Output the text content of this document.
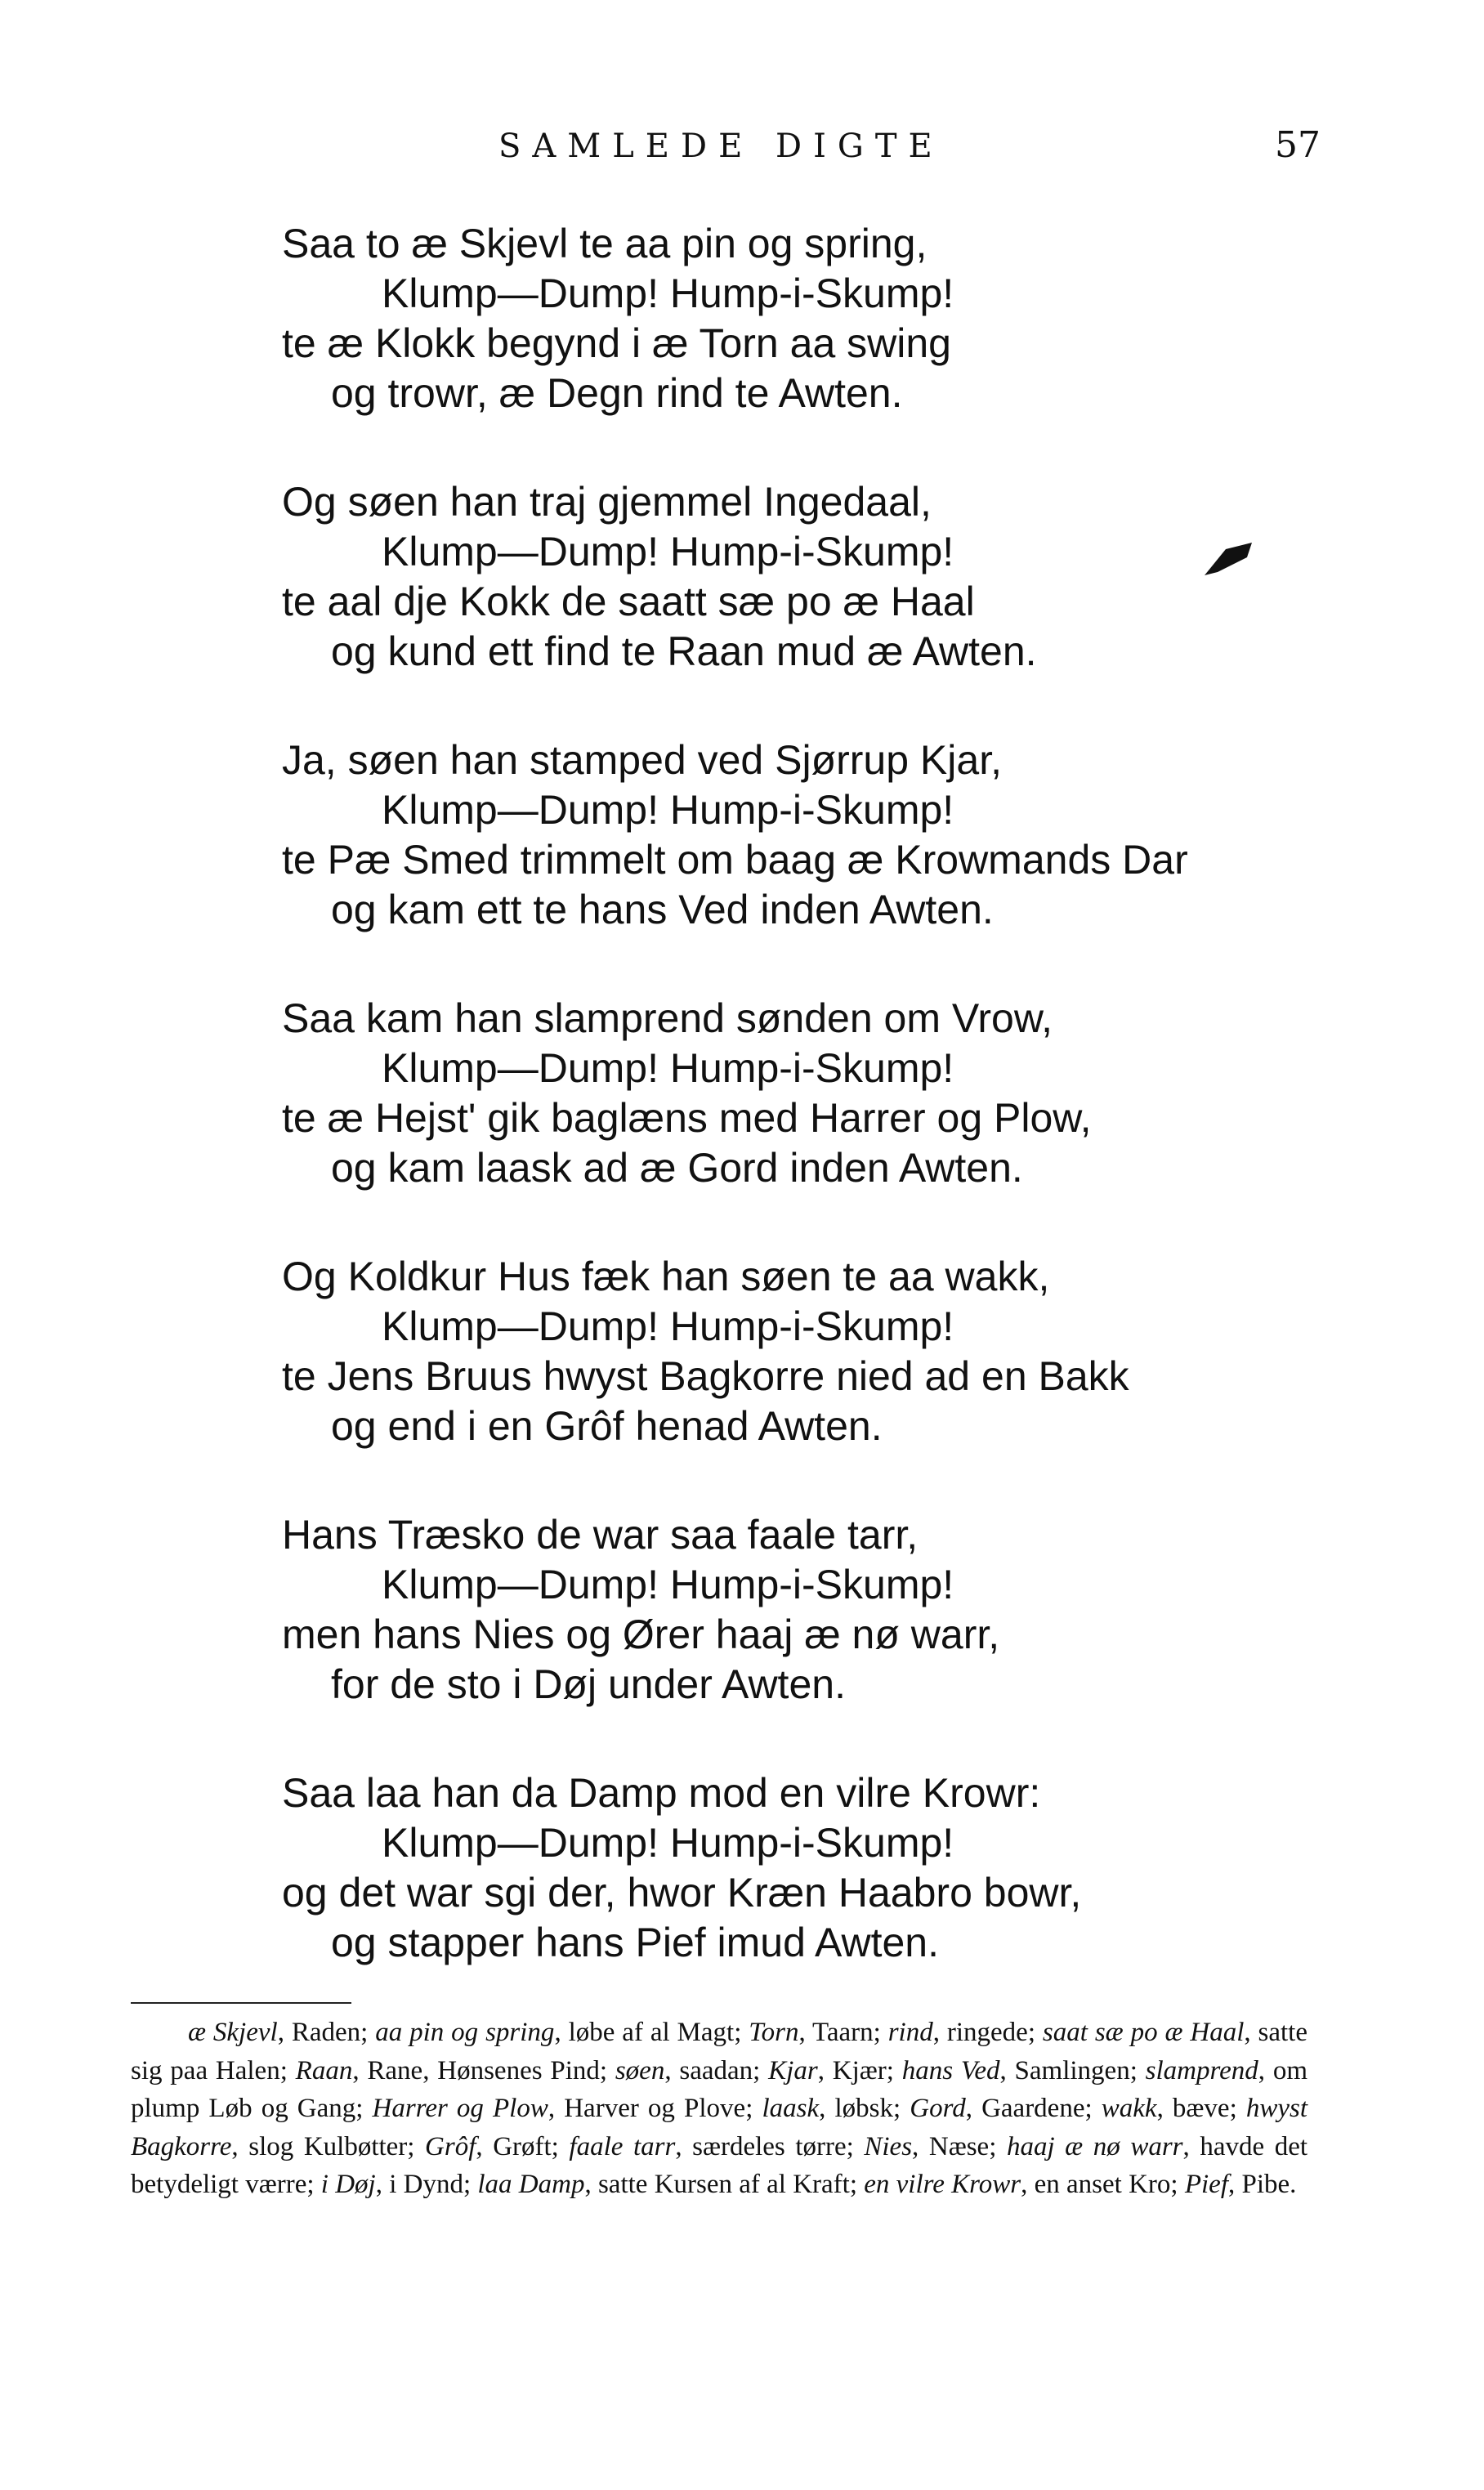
SAMLEDE DIGTE	57
Saa to æ Skjevl te aa pin og spring,
Klump—Dump! Hump-i-Skump!
te æ Klokk begynd i æ Torn aa swing
og trowr, æ Degn rind te Awten.
Og søen han traj gjemmel Ingedaal,
Klump—Dump! Hump-i-Skump!
te aal dje Kokk de saatt sæ po æ Haal
og kund ett find te Raan mud æ Awten.
Ja, søen han stamped ved Sjørrup Kjar,
Klump—Dump! Hump-i-Skump!
te Pæ Smed trimmelt om baag æ Krowmands Dar
og kam ett te hans Ved inden Awten.
Saa kam han slamprend sønden om Vrow,
Klump—Dump! Hump-i-Skump!
te æ Hejst' gik baglæns med Harrer og Plow,
og kam laask ad æ Gord inden Awten.
Og Koldkur Hus fæk han søen te aa wakk,
Klump—Dump! Hump-i-Skump!
te Jens Bruus hwyst Bagkorre nied ad en Bakk
og end i en Grôf henad Awten.
Hans Træsko de war saa faale tarr,
Klump—Dump! Hump-i-Skump!
men hans Nies og Ører haaj æ nø warr,
for de sto i Døj under Awten.
Saa laa han da Damp mod en vilre Krowr:
Klump—Dump! Hump-i-Skump!
og det war sgi der, hwor Kræn Haabro bowr,
og stapper hans Pief imud Awten.
æ Skjevl, Raden; aa pin og spring, løbe af al Magt; Torn, Taarn; rind, ringede; saat sæ po æ Haal, satte sig paa Halen; Raan, Rane, Hønsenes Pind; søen, saadan; Kjar, Kjær; hans Ved, Samlingen; slamprend, om plump Løb og Gang; Harrer og Plow, Harver og Plove; laask, løbsk; Gord, Gaardene; wakk, bæve; hwyst Bagkorre, slog Kulbøtter; Grôf, Grøft; faale tarr, særdeles tørre; Nies, Næse; haaj æ nø warr, havde det betydeligt værre; i Døj, i Dynd; laa Damp, satte Kursen af al Kraft; en vilre Krowr, en anset Kro; Pief, Pibe.
